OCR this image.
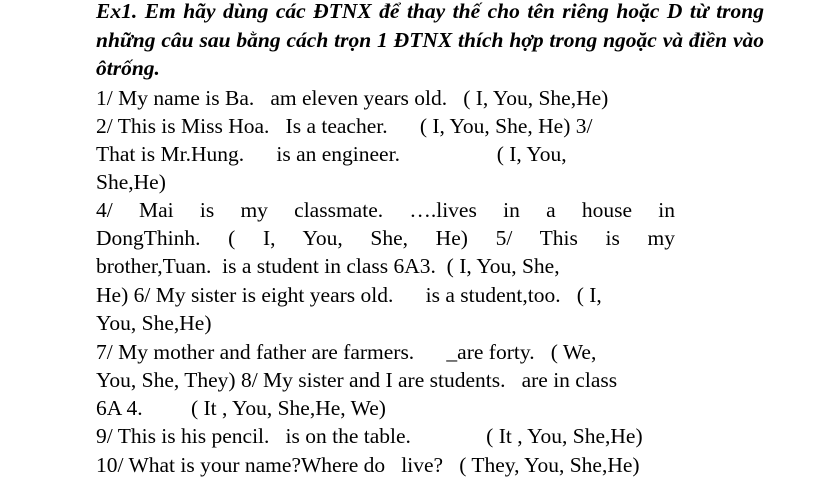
Ex1. Em hãy dùng các ĐTNX để thay thế cho tên riêng hoặc D từ trong những câu sau bằng cách trọn 1 ĐTNX thích hợp trong ngoặc và điền vào ôtrống.

1/ My name is Ba.   am eleven years old.   ( I, You, She,He)

2/ This is Miss Hoa.   Is a teacher.      ( I, You, She, He) 3/

That is Mr.Hung.      is an engineer.                  ( I, You,

She,He)

4/ Mai is my classmate. ….lives in a house in

DongThinh. ( I, You, She, He) 5/ This is my

brother,Tuan.  is a student in class 6A3.  ( I, You, She,

He) 6/ My sister is eight years old.      is a student,too.   ( I,

You, She,He)

7/ My mother and father are farmers.      _are forty.   ( We,

You, She, They) 8/ My sister and I are students.   are in class

6A 4.         ( It , You, She,He, We)

9/ This is his pencil.   is on the table.              ( It , You, She,He)

10/ What is your name?Where do   live?   ( They, You, She,He)
